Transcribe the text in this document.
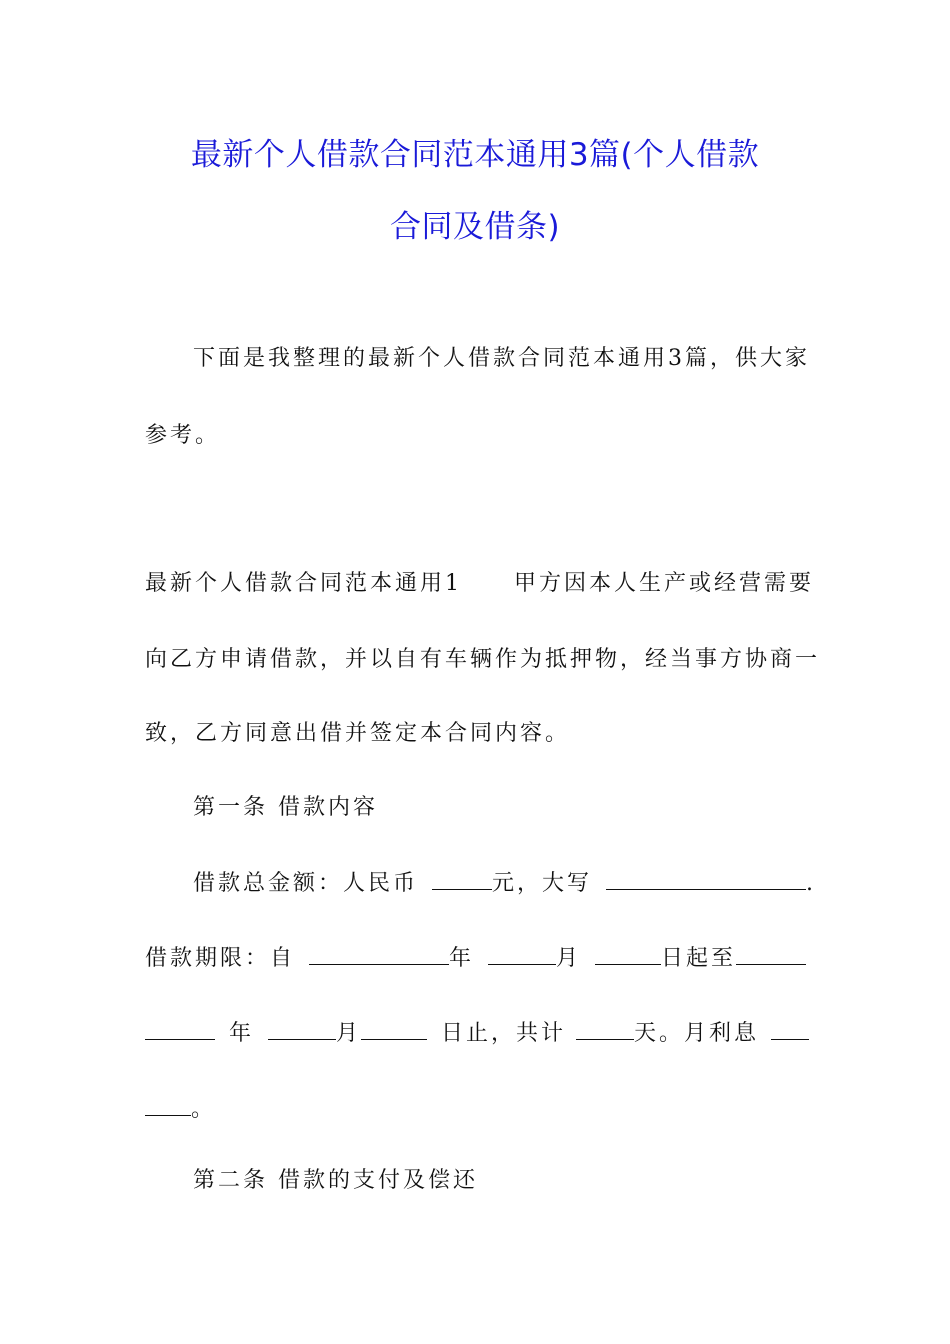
最新个人借款合同范本通用3篇(个人借款
合同及借条)
下面是我整理的最新个人借款合同范本通用3篇，供大家
参考。
最新个人借款合同范本通用1 甲方因本人生产或经营需要
向乙方申请借款，并以自有车辆作为抵押物，经当事方协商一
致，乙方同意出借并签定本合同内容。
第一条 借款内容
借款总金额：人民币	元，大写	.
借款期限：自	年	月	日起至
年	月	日止，共计	天。月利息
。
第二条 借款的支付及偿还
